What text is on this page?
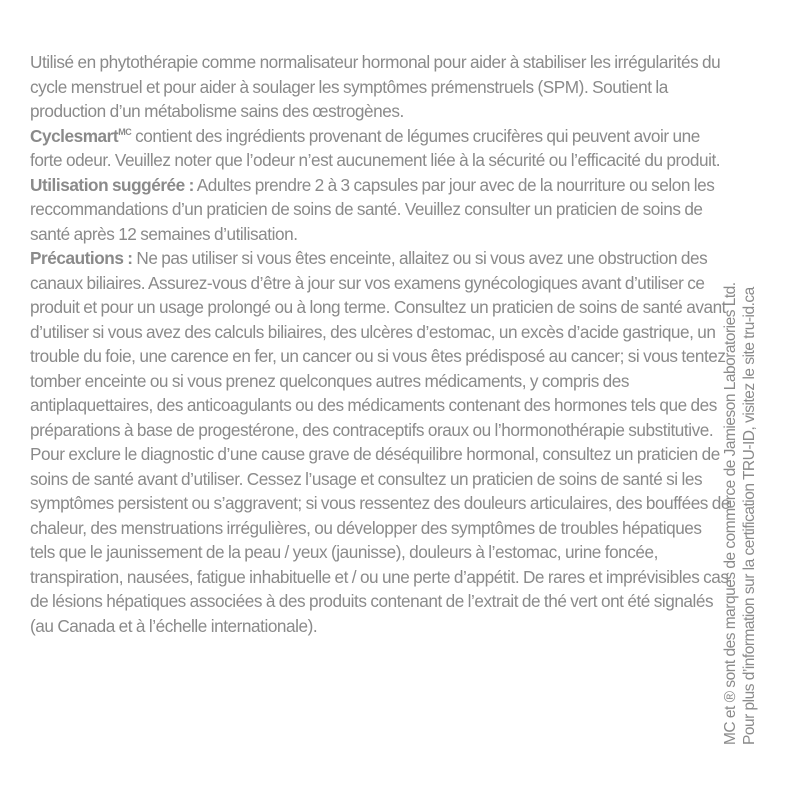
Utilisé en phytothérapie comme normalisateur hormonal pour aider à stabiliser les irrégularités du cycle menstruel et pour aider à soulager les symptômes prémenstruels (SPM). Soutient la production d’un métabolisme sains des œstrogènes.

Cyclesmart$^{MC}$ contient des ingrédients provenant de légumes crucifères qui peuvent avoir une forte odeur. Veuillez noter que l’odeur n’est aucunement liée à la sécurité ou l’efficacité du produit.

Utilisation suggérée : Adultes prendre 2 à 3 capsules par jour avec de la nourriture ou selon les reccommandations d’un praticien de soins de santé. Veuillez consulter un praticien de soins de santé après 12 semaines d’utilisation.

Précautions : Ne pas utiliser si vous êtes enceinte, allaitez ou si vous avez une obstruction des canaux biliaires. Assurez-vous d’être à jour sur vos examens gynécologiques avant d’utiliser ce produit et pour un usage prolongé ou à long terme. Consultez un praticien de soins de santé avant d’utiliser si vous avez des calculs biliaires, des ulcères d’estomac, un excès d’acide gastrique, un trouble du foie, une carence en fer, un cancer ou si vous êtes prédisposé au cancer; si vous tentez tomber enceinte ou si vous prenez quelconques autres médicaments, y compris des antiplaquettaires, des anticoagulants ou des médicaments contenant des hormones tels que des préparations à base de progestérone, des contraceptifs oraux ou l’hormonothérapie substitutive. Pour exclure le diagnostic d’une cause grave de déséquilibre hormonal, consultez un praticien de soins de santé avant d’utiliser. Cessez l’usage et consultez un praticien de soins de santé si les symptômes persistent ou s’aggravent; si vous ressentez des douleurs articulaires, des bouffées de chaleur, des menstruations irrégulières, ou développer des symptômes de troubles hépatiques tels que le jaunissement de la peau / yeux (jaunisse), douleurs à l’estomac, urine foncée, transpiration, nausées, fatigue inhabituelle et / ou une perte d’appétit. De rares et imprévisibles cas de lésions hépatiques associées à des produits contenant de l’extrait de thé vert ont été signalés (au Canada et à l’échelle internationale).	MC et ® sont des marques de commerce de Jamieson Laboratories Ltd. Pour plus d’information sur la certification TRU-ID, visitez le site tru-id.ca
